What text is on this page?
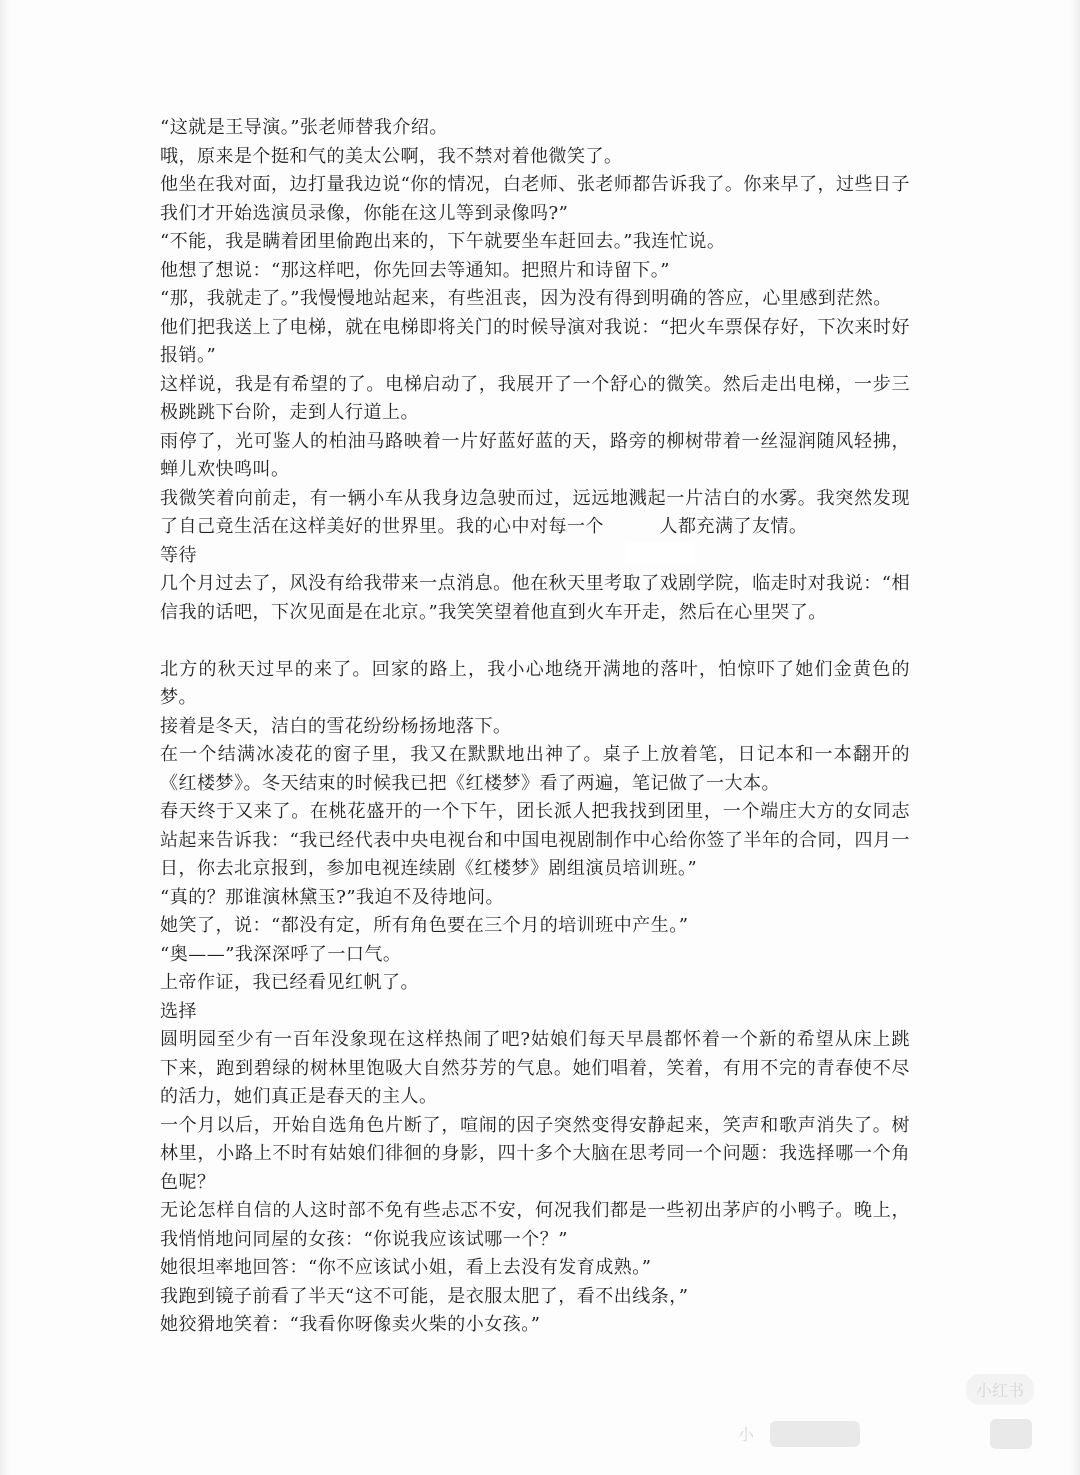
“这就是王导演。”张老师替我介绍。

哦，原来是个挺和气的美太公啊，我不禁对着他微笑了。

他坐在我对面，边打量我边说“你的情况，白老师、张老师都告诉我了。你来早了，过些日子我们才开始选演员录像，你能在这儿等到录像吗?”

“不能，我是瞒着团里偷跑出来的，下午就要坐车赶回去。”我连忙说。

他想了想说：“那这样吧，你先回去等通知。把照片和诗留下。”

“那，我就走了。”我慢慢地站起来，有些沮丧，因为没有得到明确的答应，心里感到茫然。

他们把我送上了电梯，就在电梯即将关门的时候导演对我说：“把火车票保存好，下次来时好报销。”

这样说，我是有希望的了。电梯启动了，我展开了一个舒心的微笑。然后走出电梯，一步三极跳跳下台阶，走到人行道上。

雨停了，光可鉴人的柏油马路映着一片好蓝好蓝的天，路旁的柳树带着一丝湿润随风轻拂，蝉儿欢快鸣叫。

我微笑着向前走，有一辆小车从我身边急驶而过，远远地溅起一片洁白的水雾。我突然发现了自己竟生活在这样美好的世界里。我的心中对每一个　　　人都充满了友情。

等待

几个月过去了，风没有给我带来一点消息。他在秋天里考取了戏剧学院，临走时对我说：“相信我的话吧，下次见面是在北京。”我笑笑望着他直到火车开走，然后在心里哭了。

北方的秋天过早的来了。回家的路上，我小心地绕开满地的落叶，怕惊吓了她们金黄色的梦。

接着是冬天，洁白的雪花纷纷杨扬地落下。

在一个结满冰凌花的窗子里，我又在默默地出神了。桌子上放着笔，日记本和一本翻开的《红楼梦》。冬天结束的时候我已把《红楼梦》看了两遍，笔记做了一大本。

春天终于又来了。在桃花盛开的一个下午，团长派人把我找到团里，一个端庄大方的女同志站起来告诉我：“我已经代表中央电视台和中国电视剧制作中心给你签了半年的合同，四月一日，你去北京报到，参加电视连续剧《红楼梦》剧组演员培训班。”

“真的？那谁演林黛玉?”我迫不及待地问。

她笑了，说：“都没有定，所有角色要在三个月的培训班中产生。”

“奥——”我深深呼了一口气。

上帝作证，我已经看见红帆了。

选择

圆明园至少有一百年没象现在这样热闹了吧?姑娘们每天早晨都怀着一个新的希望从床上跳下来，跑到碧绿的树林里饱吸大自然芬芳的气息。她们唱着，笑着，有用不完的青春使不尽的活力，她们真正是春天的主人。

一个月以后，开始自选角色片断了，喧闹的因子突然变得安静起来，笑声和歌声消失了。树林里，小路上不时有姑娘们徘徊的身影，四十多个大脑在思考同一个问题：我选择哪一个角色呢？

无论怎样自信的人这时部不免有些忐忑不安，何况我们都是一些初出茅庐的小鸭子。晚上，我悄悄地问同屋的女孩：“你说我应该试哪一个？”

她很坦率地回答：“你不应该试小姐，看上去没有发育成熟。”

我跑到镜子前看了半天“这不可能，是衣服太肥了，看不出线条，”

她狡猾地笑着：“我看你呀像卖火柴的小女孩。”

小红书
小
